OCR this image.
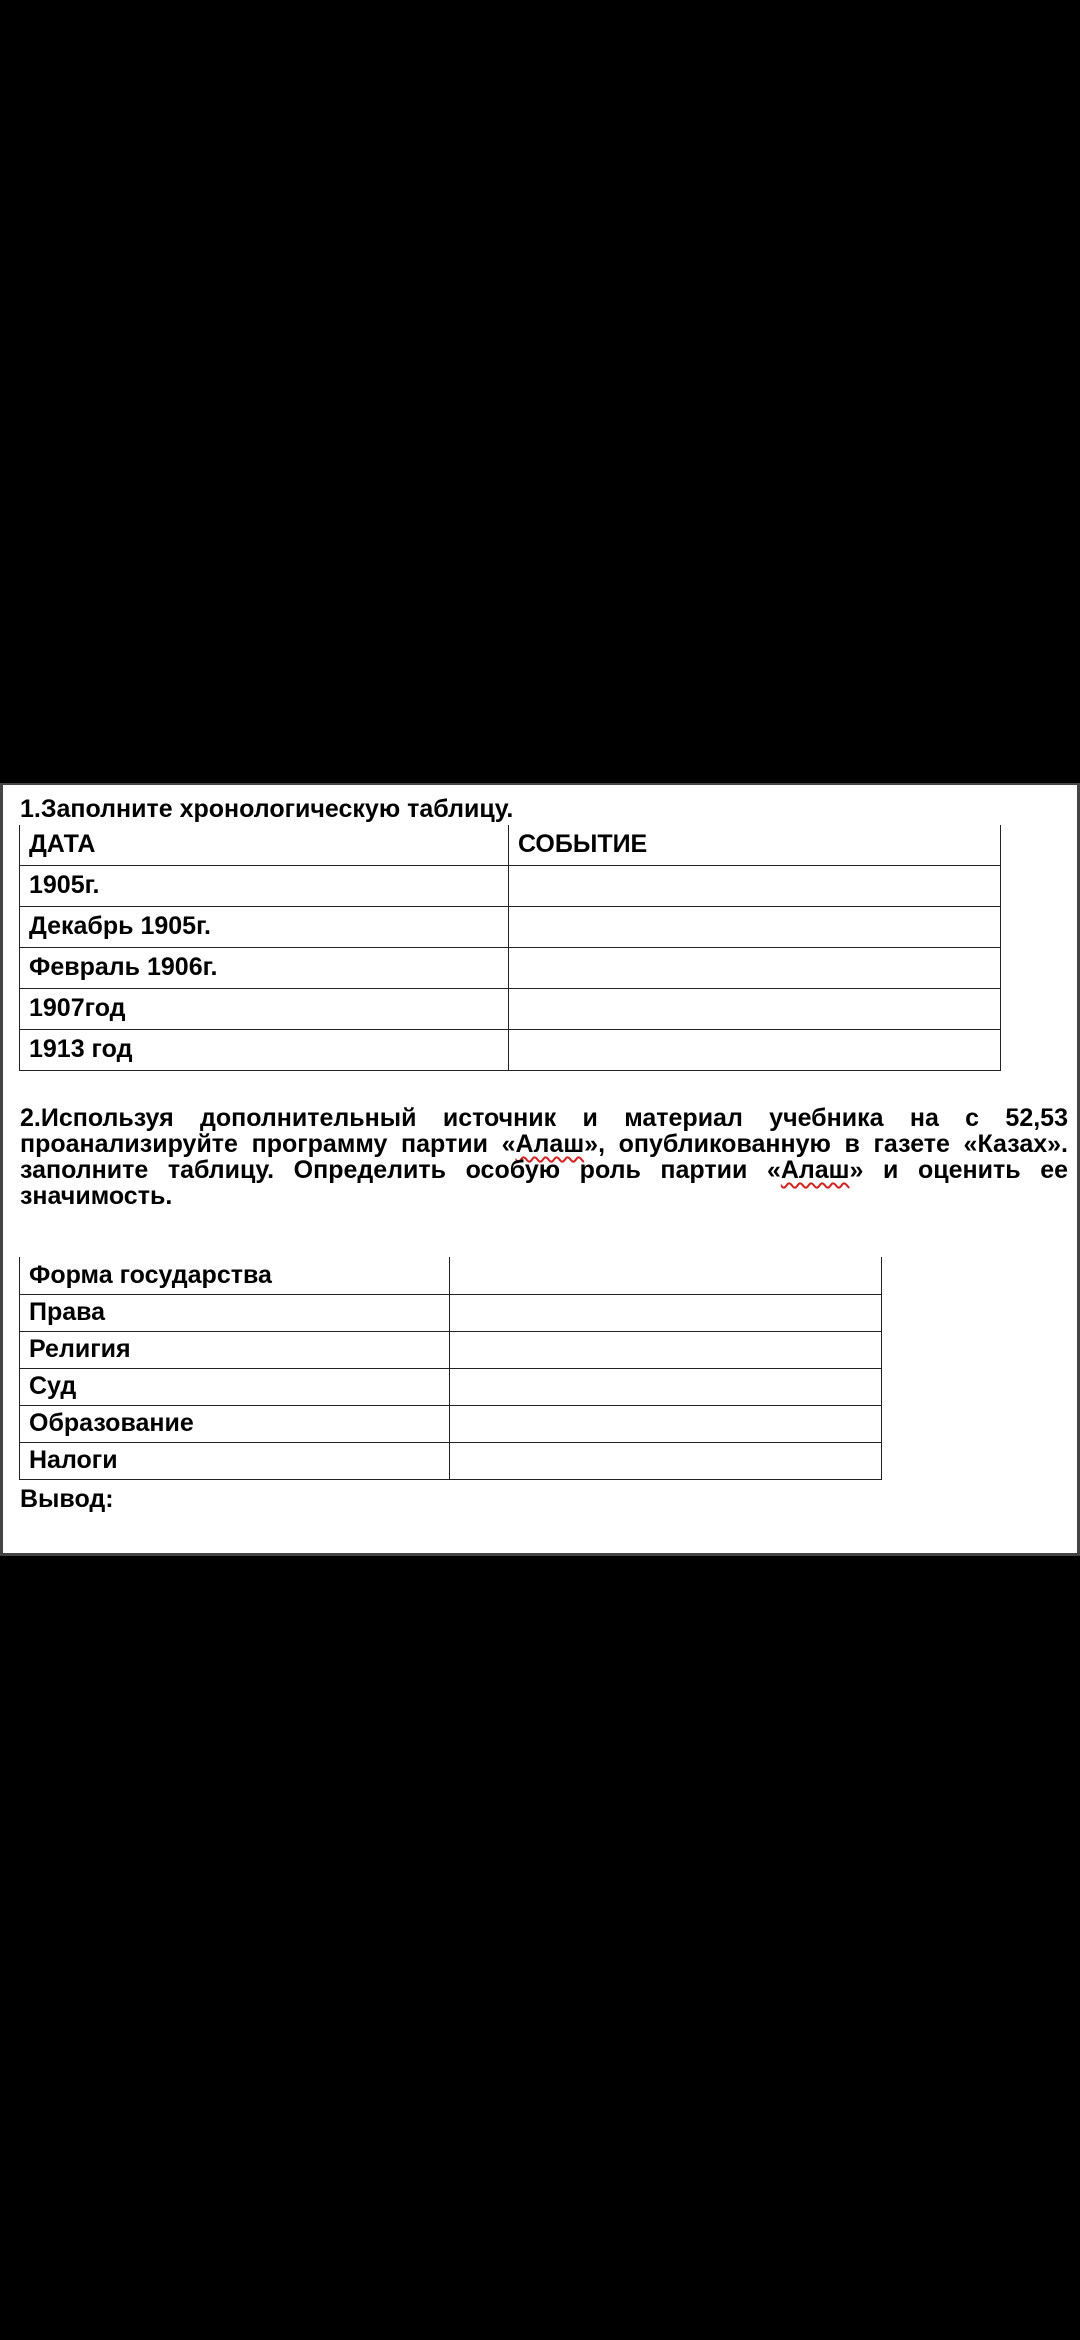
1.Заполните хронологическую таблицу.

ДАТА	СОБЫТИЕ
1905г.	
Декабрь 1905г.	
Февраль 1906г.	
1907год	
1913 год	

2.Используя дополнительный источник и материал учебника на с 52,53 проанализируйте программу партии «Алаш», опубликованную в газете «Казах». заполните таблицу. Определить особую роль партии «Алаш» и оценить ее значимость.

Форма государства	
Права	
Религия	
Суд	
Образование	
Налоги	

Вывод:
